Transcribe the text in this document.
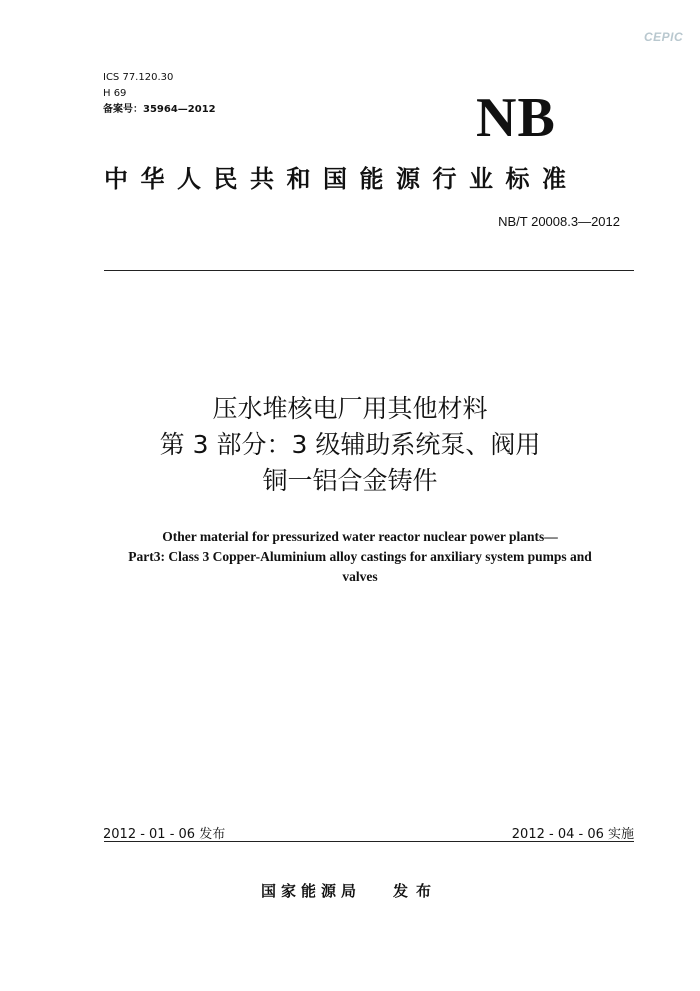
CEPIC
ICS 77.120.30
H 69
备案号：35964—2012	NB
中华人民共和国能源行业标准
NB/T 20008.3—2012
压水堆核电厂用其他材料
第 3 部分：3 级辅助系统泵、阀用
铜一铝合金铸件
Other material for pressurized water reactor nuclear power plants—
Part3: Class 3 Copper-Aluminium alloy castings for anxiliary system pumps and
valves
2012 - 01 - 06 发布	2012 - 04 - 06 实施
国家能源局 发布
